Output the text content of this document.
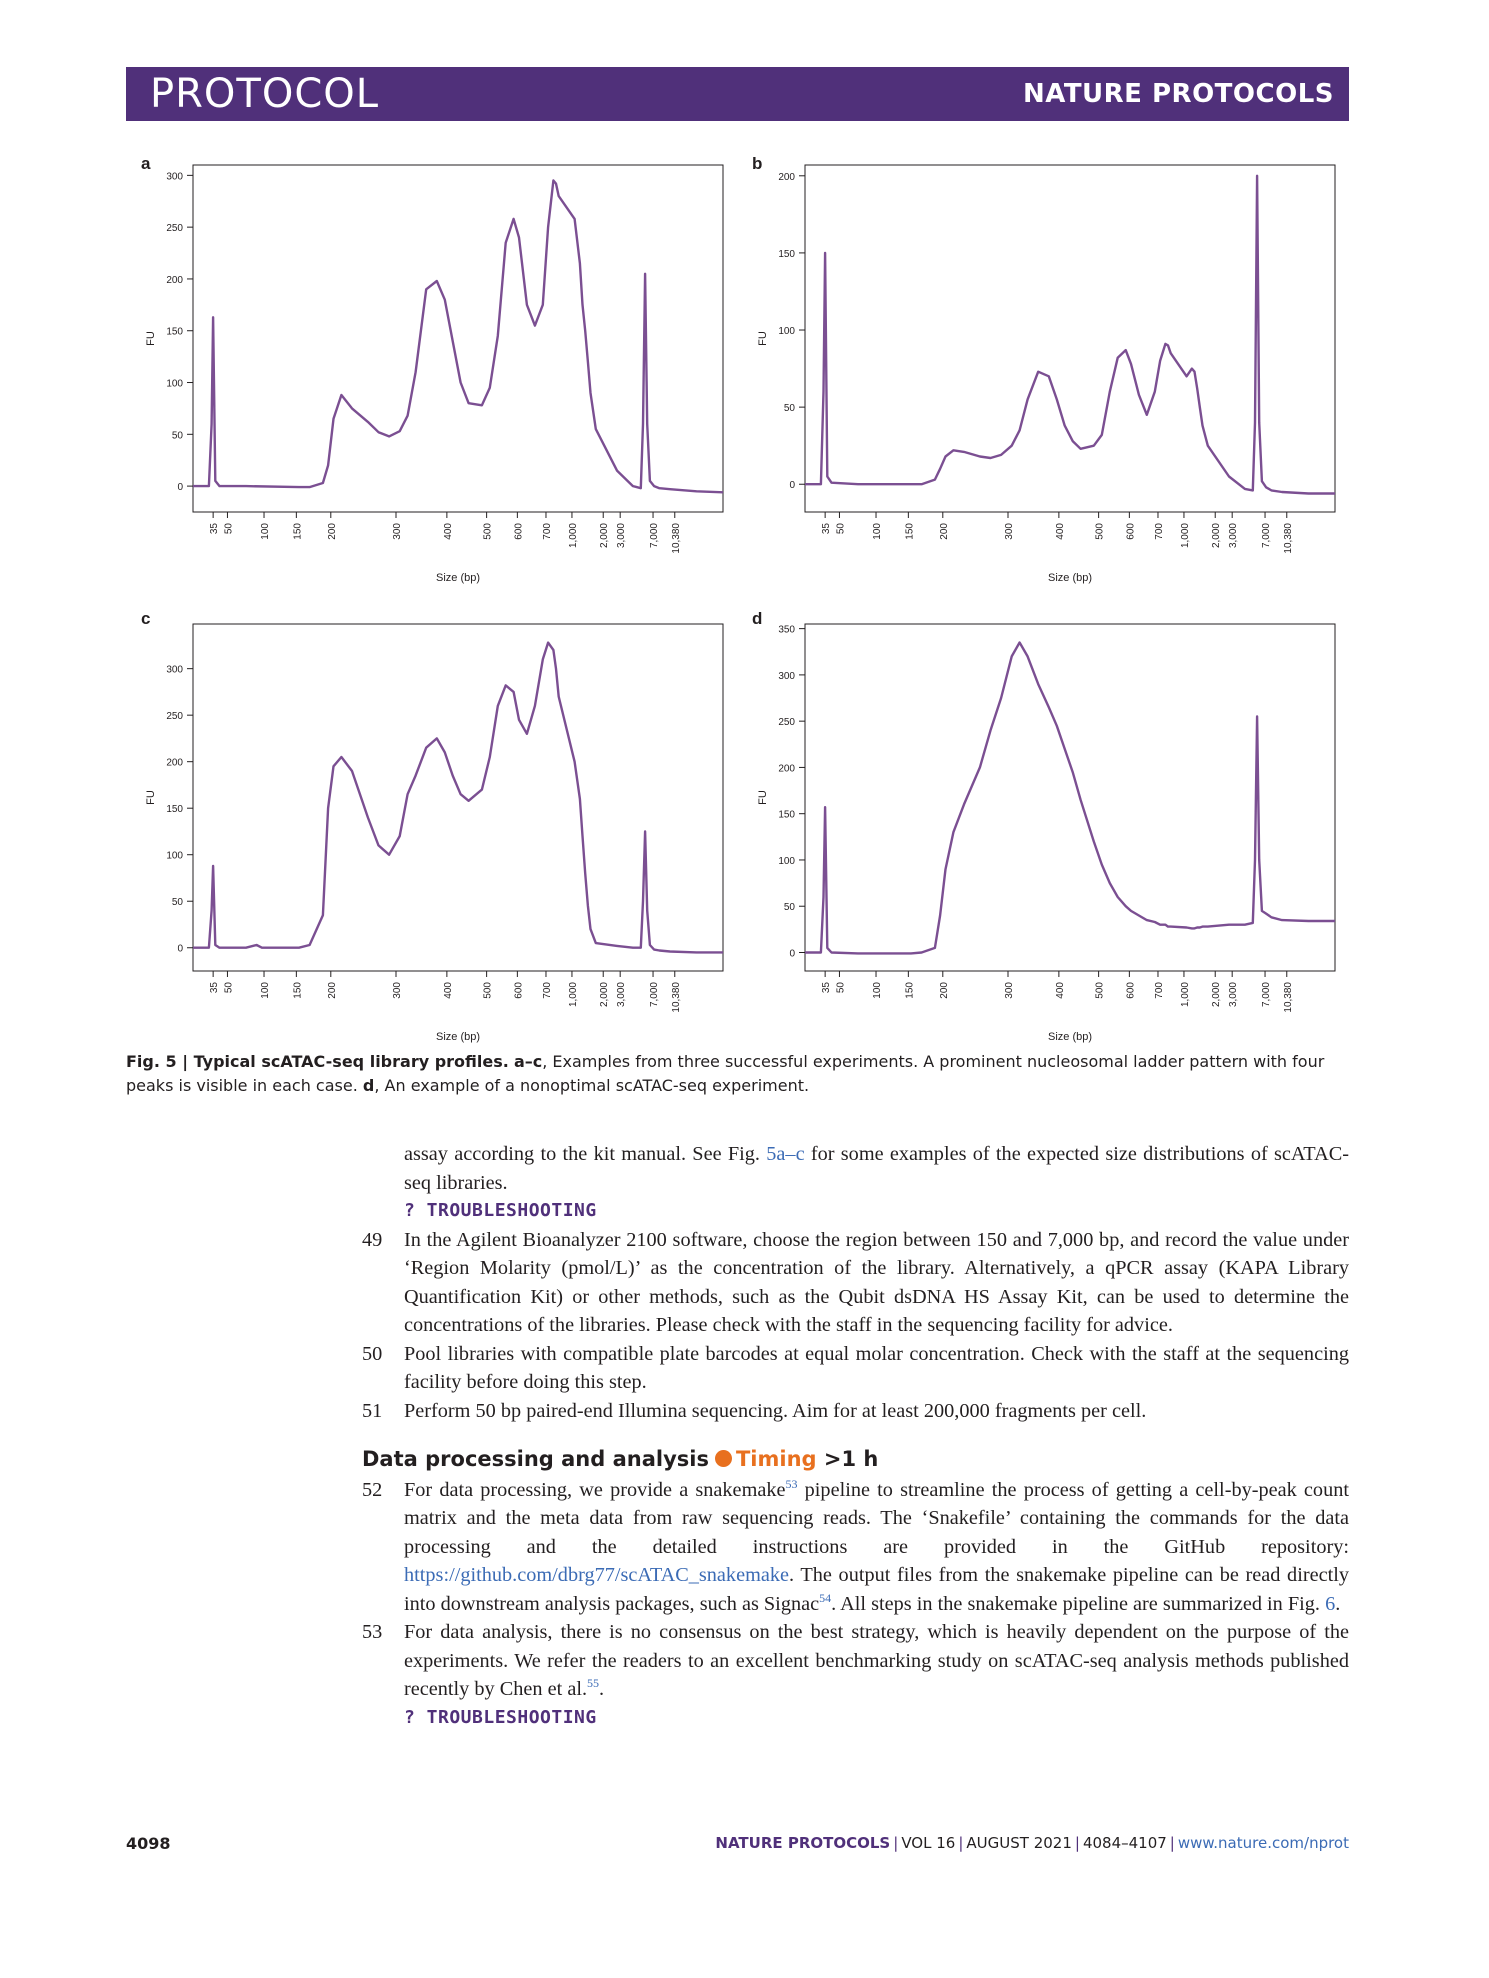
PROTOCOL	NATURE PROTOCOLS
a	b
c	d
0
50
100
150
200
250
300
FU
35 50	100 150 200	300	400	500 600 700 1,000 2,000 3,000 7,000 10,380
Size (bp)
0
50
100
150
200
FU
35 50	100 150 200	300	400	500 600 700 1,000 2,000 3,000 7,000 10,380
Size (bp)
0
50
100
150
200
250
300
FU
35 50	100 150 200	300	400	500 600 700 1,000 2,000 3,000 7,000 10,380
Size (bp)
0
50
100
150
200
250
300
350
FU
35 50	100 150 200	300	400	500 600 700 1,000 2,000 3,000 7,000 10,380
Size (bp)
Fig. 5 | Typical scATAC-seq library profiles. a–c, Examples from three successful experiments. A prominent nucleosomal ladder pattern with four peaks is visible in each case. d, An example of a nonoptimal scATAC-seq experiment.

assay according to the kit manual. See Fig. 5a–c for some examples of the expected size distributions of scATAC-seq libraries.

? TROUBLESHOOTING

49 In the Agilent Bioanalyzer 2100 software, choose the region between 150 and 7,000 bp, and record the value under ‘Region Molarity (pmol/L)’ as the concentration of the library. Alternatively, a qPCR assay (KAPA Library Quantification Kit) or other methods, such as the Qubit dsDNA HS Assay Kit, can be used to determine the concentrations of the libraries. Please check with the staff in the sequencing facility for advice.

50 Pool libraries with compatible plate barcodes at equal molar concentration. Check with the staff at the sequencing facility before doing this step.

51 Perform 50 bp paired-end Illumina sequencing. Aim for at least 200,000 fragments per cell.

Data processing and analysis Timing >1 h

52 For data processing, we provide a snakemake$^{53}$ pipeline to streamline the process of getting a cell-by-peak count matrix and the meta data from raw sequencing reads. The ‘Snakefile’ containing the commands for the data processing and the detailed instructions are provided in the GitHub repository: https://github.com/dbrg77/scATAC_snakemake. The output files from the snakemake pipeline can be read directly into downstream analysis packages, such as Signac$^{54}$. All steps in the snakemake pipeline are summarized in Fig. 6.

53 For data analysis, there is no consensus on the best strategy, which is heavily dependent on the purpose of the experiments. We refer the readers to an excellent benchmarking study on scATAC-seq analysis methods published recently by Chen et al.$^{55}$.

? TROUBLESHOOTING

4098	NATURE PROTOCOLS | VOL 16 | AUGUST 2021 | 4084–4107 | www.nature.com/nprot
